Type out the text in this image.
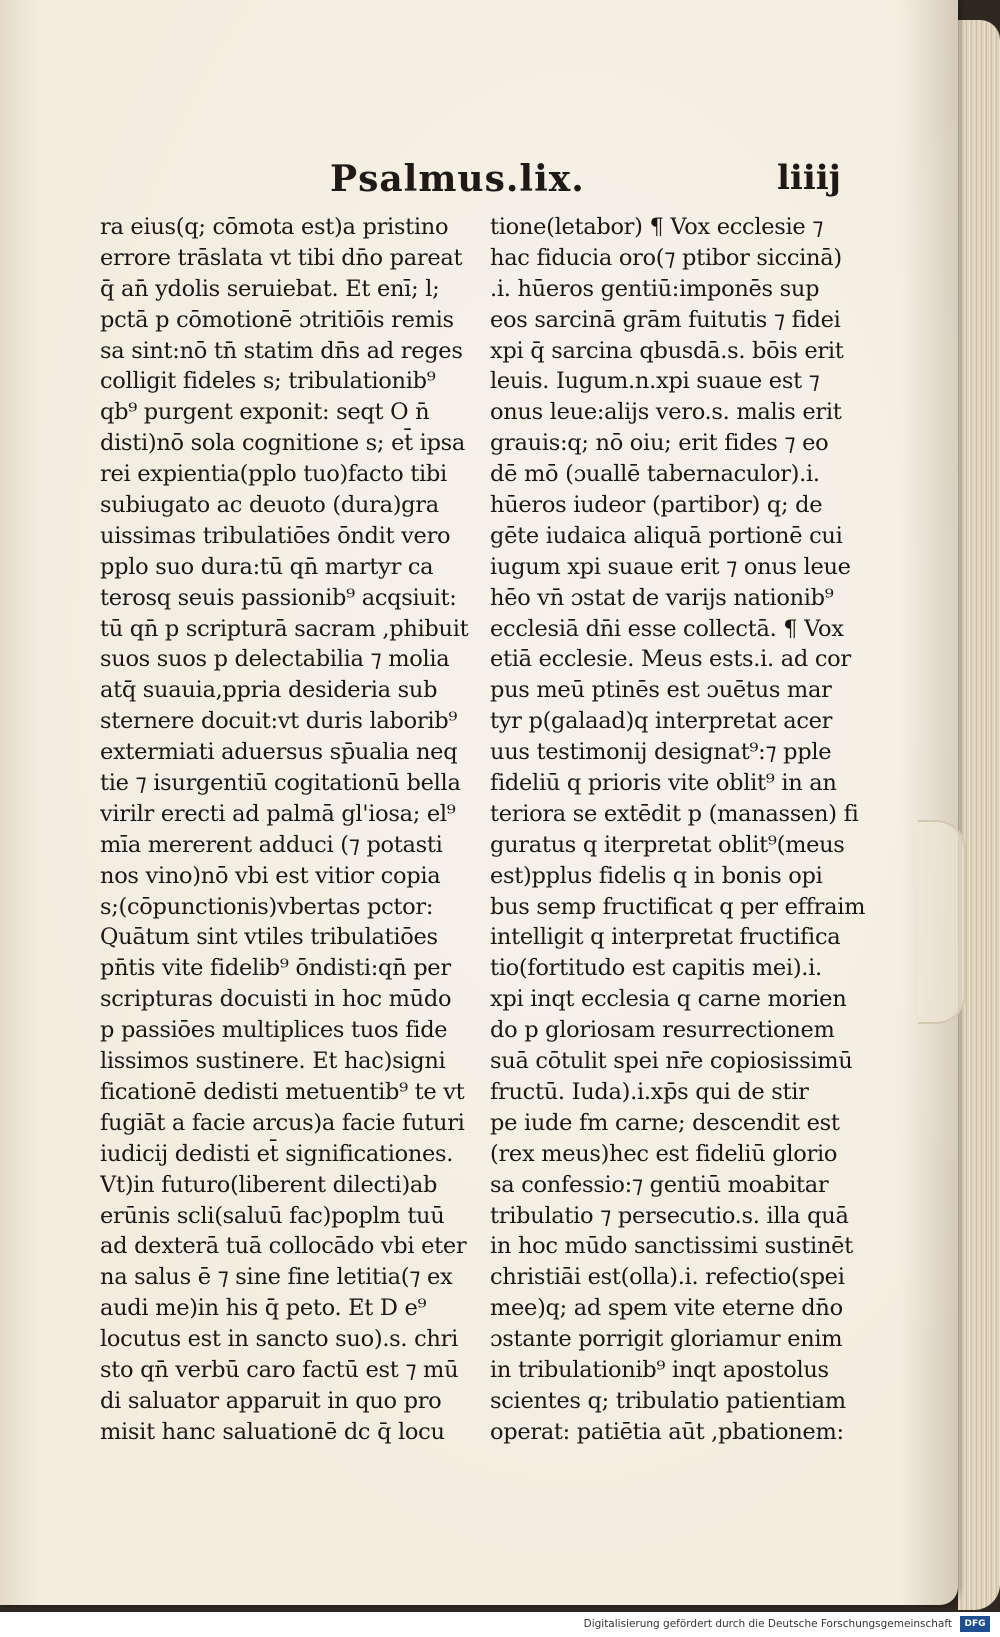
Psalmus.lix.	liiij
ra eius(q; cōmota est)a pristino
errore trāslata vt tibi dn̄o pareat
q̄ an̄ ydolis seruiebat. Et enī; l;
pctā p cōmotionē ɔtritiōis remis
sa sint:nō tn̄ statim dn̄s ad reges
colligit fideles s; tribulationib⁹
qb⁹ purgent exponit: seqt O n̄
disti)nō sola cognitione s; et̄ ipsa
rei expientia(pplo tuo)facto tibi
subiugato ac deuoto (dura)gra
uissimas tribulatiōes ōndit vero
pplo suo dura:tū qn̄ martyr ca
terosq seuis passionib⁹ acqsiuit:
tū qn̄ p scripturā sacram ,phibuit
suos suos p delectabilia ⁊ molia
atq̄ suauia,ppria desideria sub
sternere docuit:vt duris laborib⁹
extermiati aduersus sp̄ualia neq
tie ⁊ isurgentiū cogitationū bella
virilr erecti ad palmā gl'iosa; el⁹
mīa mererent adduci (⁊ potasti
nos vino)nō vbi est vitior copia
s;(cōpunctionis)vbertas pctor:
Quātum sint vtiles tribulatiōes
pn̄tis vite fidelib⁹ ōndisti:qn̄ per
scripturas docuisti in hoc mūdo
p passiōes multiplices tuos fide
lissimos sustinere. Et hac)signi
ficationē dedisti metuentib⁹ te vt
fugiāt a facie arcus)a facie futuri
iudicij dedisti et̄ significationes.
Vt)in futuro(liberent dilecti)ab
erūnis scli(saluū fac)poplm tuū
ad dexterā tuā collocādo vbi eter
na salus ē ⁊ sine fine letitia(⁊ ex
audi me)in his q̄ peto. Et D e⁹
locutus est in sancto suo).s. chri
sto qn̄ verbū caro factū est ⁊ mū
di saluator apparuit in quo pro
misit hanc saluationē dc q̄ locu
tione(letabor) ¶ Vox ecclesie ⁊
hac fiducia oro(⁊ ptibor siccinā)
.i. hūeros gentiū:imponēs sup
eos sarcinā grām fuitutis ⁊ fidei
xpi q̄ sarcina qbusdā.s. bōis erit
leuis. Iugum.n.xpi suaue est ⁊
onus leue:alijs vero.s. malis erit
grauis:q; nō oiu; erit fides ⁊ eo
dē mō (ɔuallē tabernaculor).i.
hūeros iudeor (partibor) q; de
gēte iudaica aliquā portionē cui
iugum xpi suaue erit ⁊ onus leue
hēo vn̄ ɔstat de varijs nationib⁹
ecclesiā dn̄i esse collectā. ¶ Vox
etiā ecclesie. Meus ests.i. ad cor
pus meū ptinēs est ɔuētus mar
tyr p(galaad)q interpretat acer
uus testimonij designat⁹:⁊ pple
fideliū q prioris vite oblit⁹ in an
teriora se extēdit p (manassen) fi
guratus q iterpretat oblit⁹(meus
est)pplus fidelis q in bonis opi
bus semp fructificat q per effraim
intelligit q interpretat fructifica
tio(fortitudo est capitis mei).i.
xpi inqt ecclesia q carne morien
do p gloriosam resurrectionem
suā cōtulit spei nr̄e copiosissimū
fructū. Iuda).i.xp̄s qui de stir
pe iude fm carne; descendit est
(rex meus)hec est fideliū glorio
sa confessio:⁊ gentiū moabitar
tribulatio ⁊ persecutio.s. illa quā
in hoc mūdo sanctissimi sustinēt
christiāi est(olla).i. refectio(spei
mee)q; ad spem vite eterne dn̄o
ɔstante porrigit gloriamur enim
in tribulationib⁹ inqt apostolus
scientes q; tribulatio patientiam
operat: patiētia aūt ,pbationem:
Digitalisierung gefördert durch die Deutsche Forschungsgemeinschaft	DFG
